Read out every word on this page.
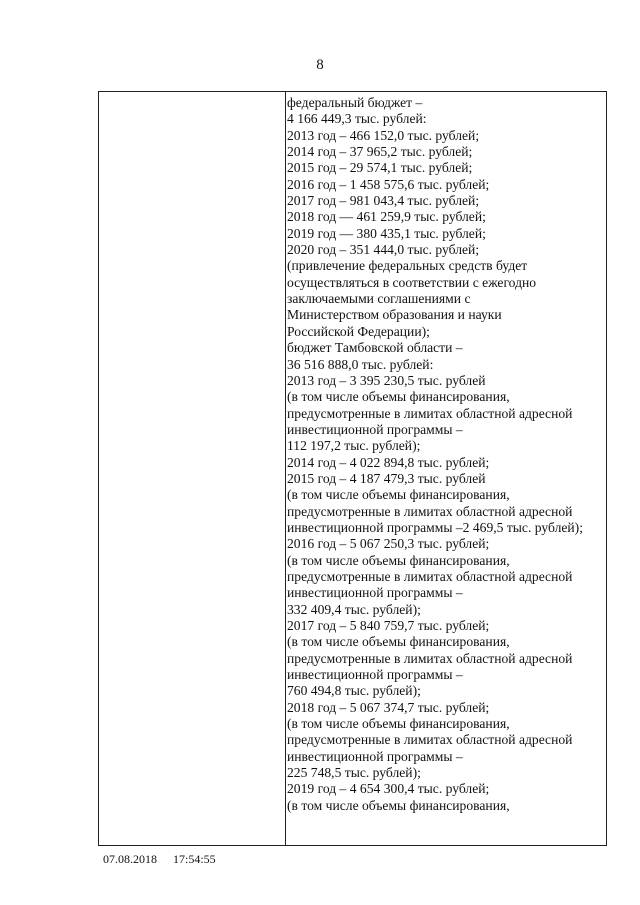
8
федеральный бюджет –
4 166 449,3 тыс. рублей:
2013 год – 466 152,0 тыс. рублей;
2014 год – 37 965,2 тыс. рублей;
2015 год – 29 574,1 тыс. рублей;
2016 год – 1 458 575,6 тыс. рублей;
2017 год – 981 043,4 тыс. рублей;
2018 год — 461 259,9 тыс. рублей;
2019 год — 380 435,1 тыс. рублей;
2020 год – 351 444,0 тыс. рублей;
(привлечение федеральных средств будет
осуществляться в соответствии с ежегодно
заключаемыми соглашениями с
Министерством образования и науки
Российской Федерации);
бюджет Тамбовской области –
36 516 888,0 тыс. рублей:
2013 год – 3 395 230,5 тыс. рублей
(в том числе объемы финансирования,
предусмотренные в лимитах областной адресной
инвестиционной программы –
112 197,2 тыс. рублей);
2014 год – 4 022 894,8 тыс. рублей;
2015 год – 4 187 479,3 тыс. рублей
(в том числе объемы финансирования,
предусмотренные в лимитах областной адресной
инвестиционной программы –2 469,5 тыс. рублей);
2016 год – 5 067 250,3 тыс. рублей;
(в том числе объемы финансирования,
предусмотренные в лимитах областной адресной
инвестиционной программы –
332 409,4 тыс. рублей);
2017 год – 5 840 759,7 тыс. рублей;
(в том числе объемы финансирования,
предусмотренные в лимитах областной адресной
инвестиционной программы –
760 494,8 тыс. рублей);
2018 год – 5 067 374,7 тыс. рублей;
(в том числе объемы финансирования,
предусмотренные в лимитах областной адресной
инвестиционной программы –
225 748,5 тыс. рублей);
2019 год – 4 654 300,4 тыс. рублей;
(в том числе объемы финансирования,
07.08.2018 17:54:55
